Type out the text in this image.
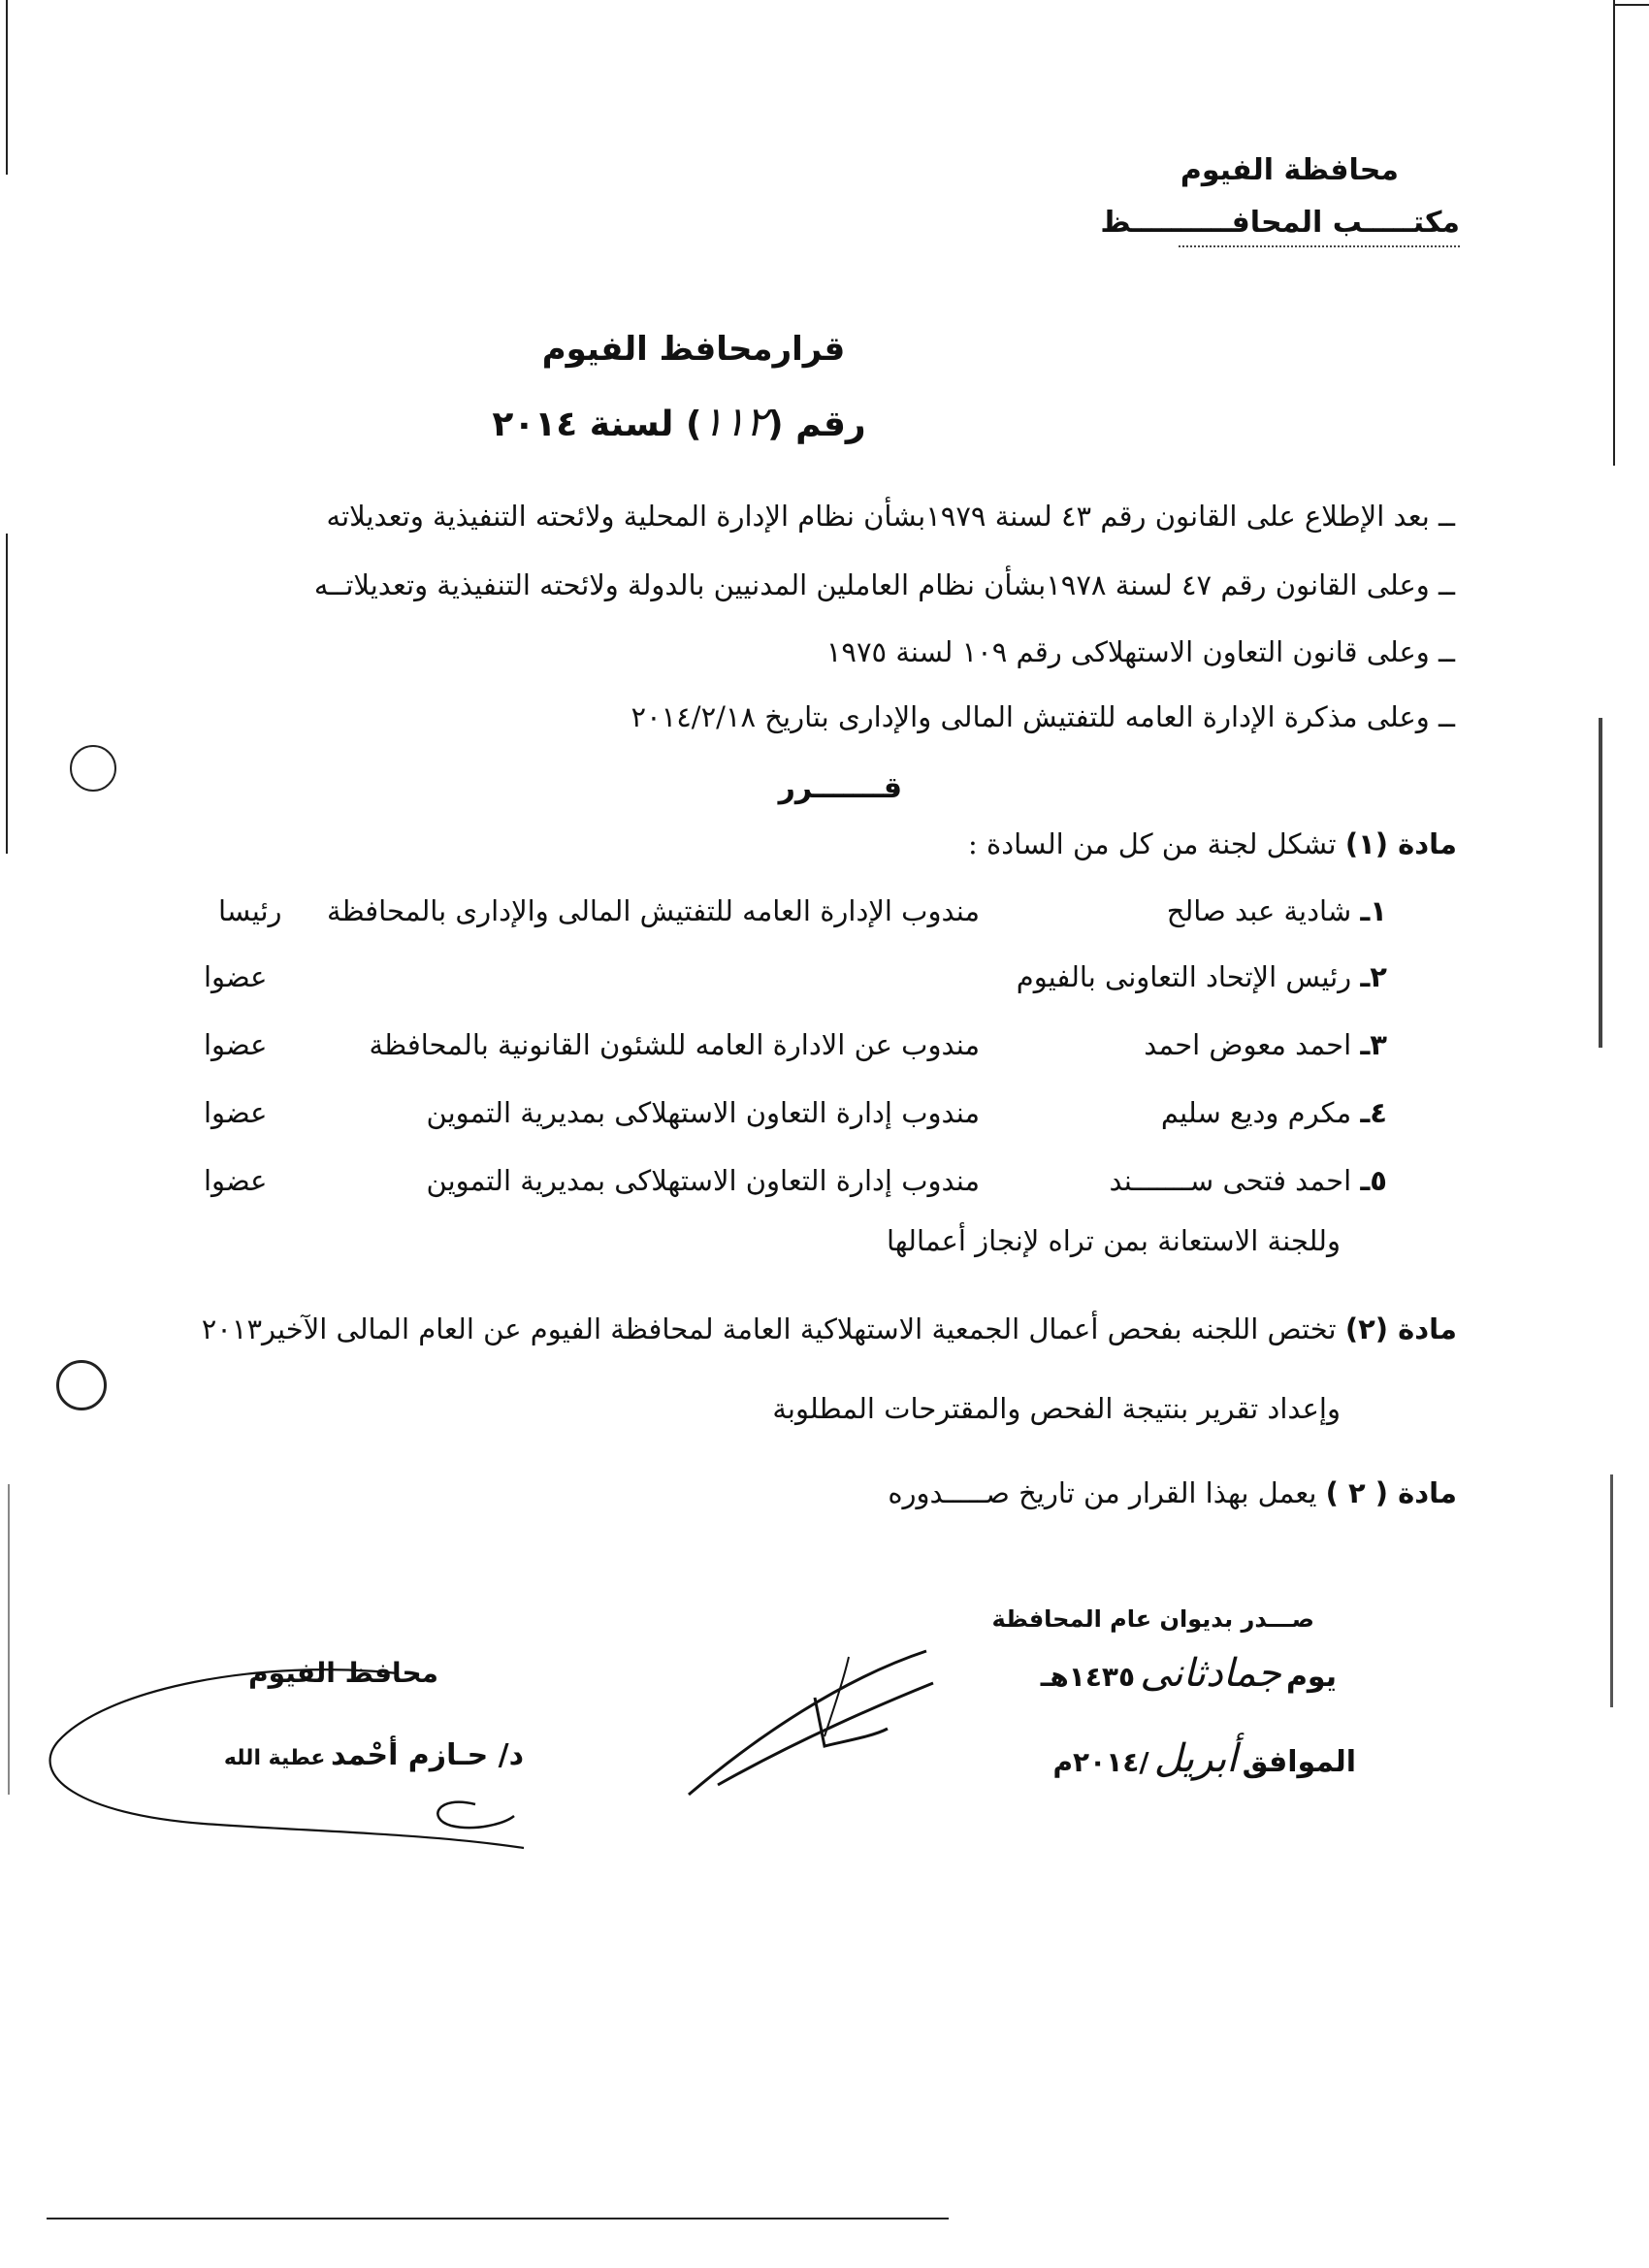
محافظة الفيوم
مكتـــــب المحافــــــــــظ
قرارمحافظ الفيوم
رقم (١١٢) لسنة ٢٠١٤
ــ بعد الإطلاع على القانون رقم ٤٣ لسنة ١٩٧٩بشأن نظام الإدارة المحلية ولائحته التنفيذية وتعديلاته
ــ وعلى القانون رقم ٤٧ لسنة ١٩٧٨بشأن نظام العاملين المدنيين بالدولة ولائحته التنفيذية وتعديلاتــه
ــ وعلى قانون التعاون الاستهلاكى رقم ١٠٩ لسنة ١٩٧٥
ــ وعلى مذكرة الإدارة العامه للتفتيش المالى والإدارى بتاريخ ٢٠١٤/٢/١٨
قـــــــرر
مادة (١) تشكل لجنة من كل من السادة :
١ـ شادية عبد صالح
مندوب الإدارة العامه للتفتيش المالى والإدارى بالمحافظة
رئيسا
٢ـ رئيس الإتحاد التعاونى بالفيوم
عضوا
٣ـ احمد معوض احمد
مندوب عن الادارة العامه للشئون القانونية بالمحافظة
عضوا
٤ـ مكرم وديع سليم
مندوب إدارة التعاون الاستهلاكى بمديرية التموين
عضوا
٥ـ احمد فتحى ســـــــند
مندوب إدارة التعاون الاستهلاكى بمديرية التموين
عضوا
وللجنة الاستعانة بمن تراه لإنجاز أعمالها
مادة (٢) تختص اللجنه بفحص أعمال الجمعية الاستهلاكية العامة لمحافظة الفيوم عن العام المالى الآخير٢٠١٣
وإعداد تقرير بنتيجة الفحص والمقترحات المطلوبة
مادة ( ٢ ) يعمل بهذا القرار من تاريخ صـــــدوره
صـــدر بديوان عام المحافظة
يوم جمادثانى ١٤٣٥هـ
الموافق أبريل /٢٠١٤م
محافظ الفيوم
د/ حـازم أحْمد عطية الله
